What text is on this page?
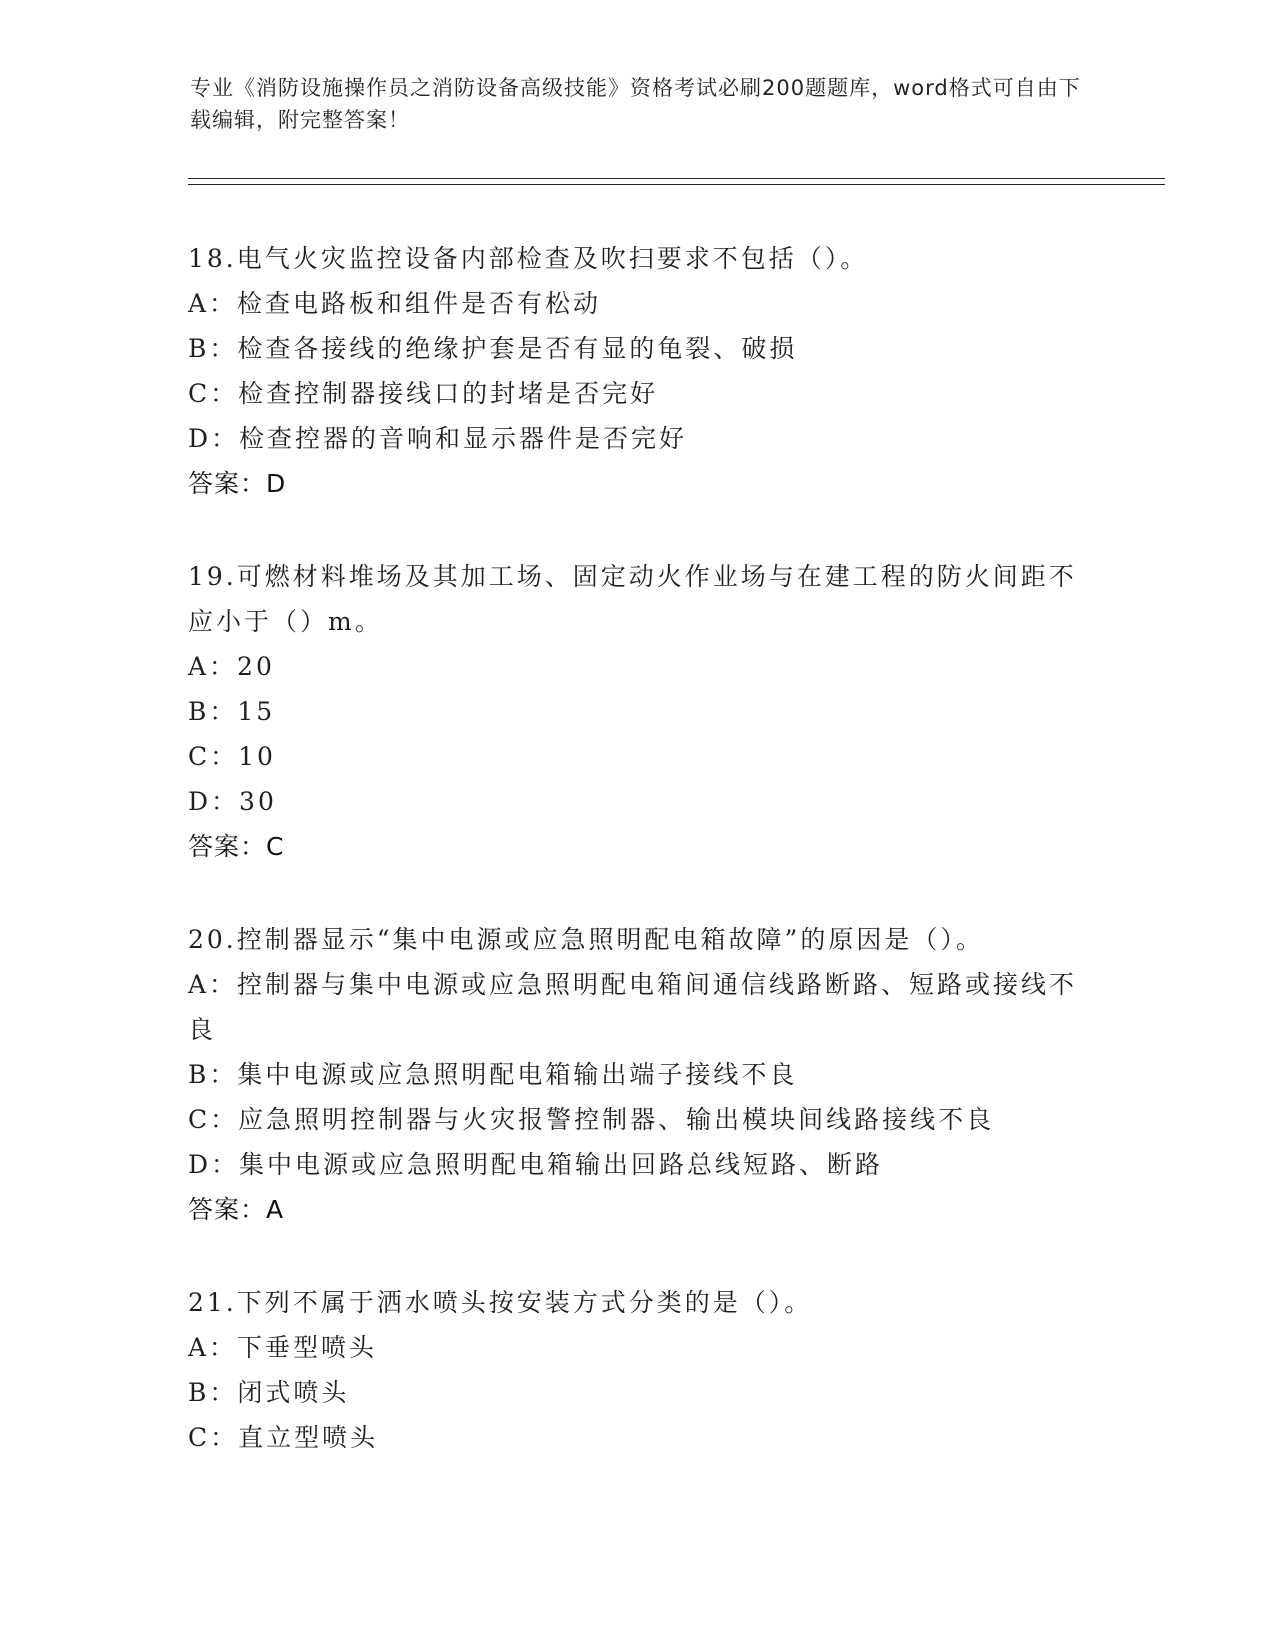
专业《消防设施操作员之消防设备高级技能》资格考试必刷200题题库，word格式可自由下载编辑，附完整答案！
18.电气火灾监控设备内部检查及吹扫要求不包括（）。
A：检查电路板和组件是否有松动
B：检查各接线的绝缘护套是否有显的龟裂、破损
C：检查控制器接线口的封堵是否完好
D：检查控器的音响和显示器件是否完好
答案：D
19.可燃材料堆场及其加工场、固定动火作业场与在建工程的防火间距不应小于（）m。
A：20
B：15
C：10
D：30
答案：C
20.控制器显示“集中电源或应急照明配电箱故障”的原因是（）。
A：控制器与集中电源或应急照明配电箱间通信线路断路、短路或接线不良
B：集中电源或应急照明配电箱输出端子接线不良
C：应急照明控制器与火灾报警控制器、输出模块间线路接线不良
D：集中电源或应急照明配电箱输出回路总线短路、断路
答案：A
21.下列不属于洒水喷头按安装方式分类的是（）。
A：下垂型喷头
B：闭式喷头
C：直立型喷头
